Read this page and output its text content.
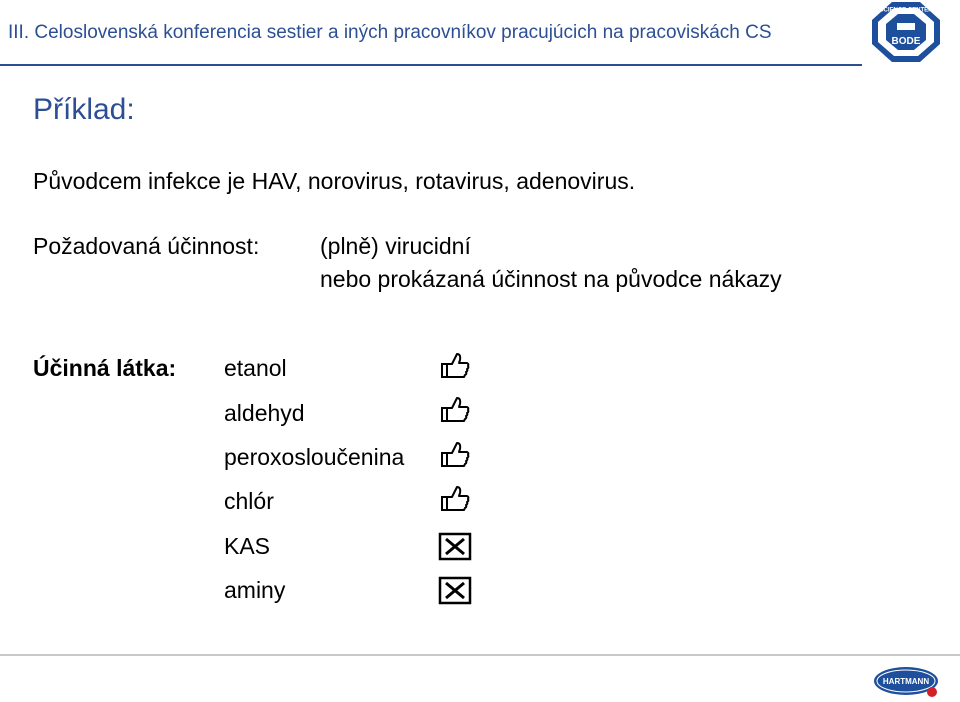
III. Celoslovenská konferencia sestier a iných pracovníkov pracujúcich na pracoviskách CS
SCIENCE CENTER
BODE
Příklad:
Původcem infekce je HAV, norovirus, rotavirus, adenovirus.
Požadovaná účinnost:	(plně) virucidní
nebo prokázaná účinnost na původce nákazy
Účinná látka: etanol
aldehyd
peroxosloučenina
chlór
KAS
aminy
HARTMANN
